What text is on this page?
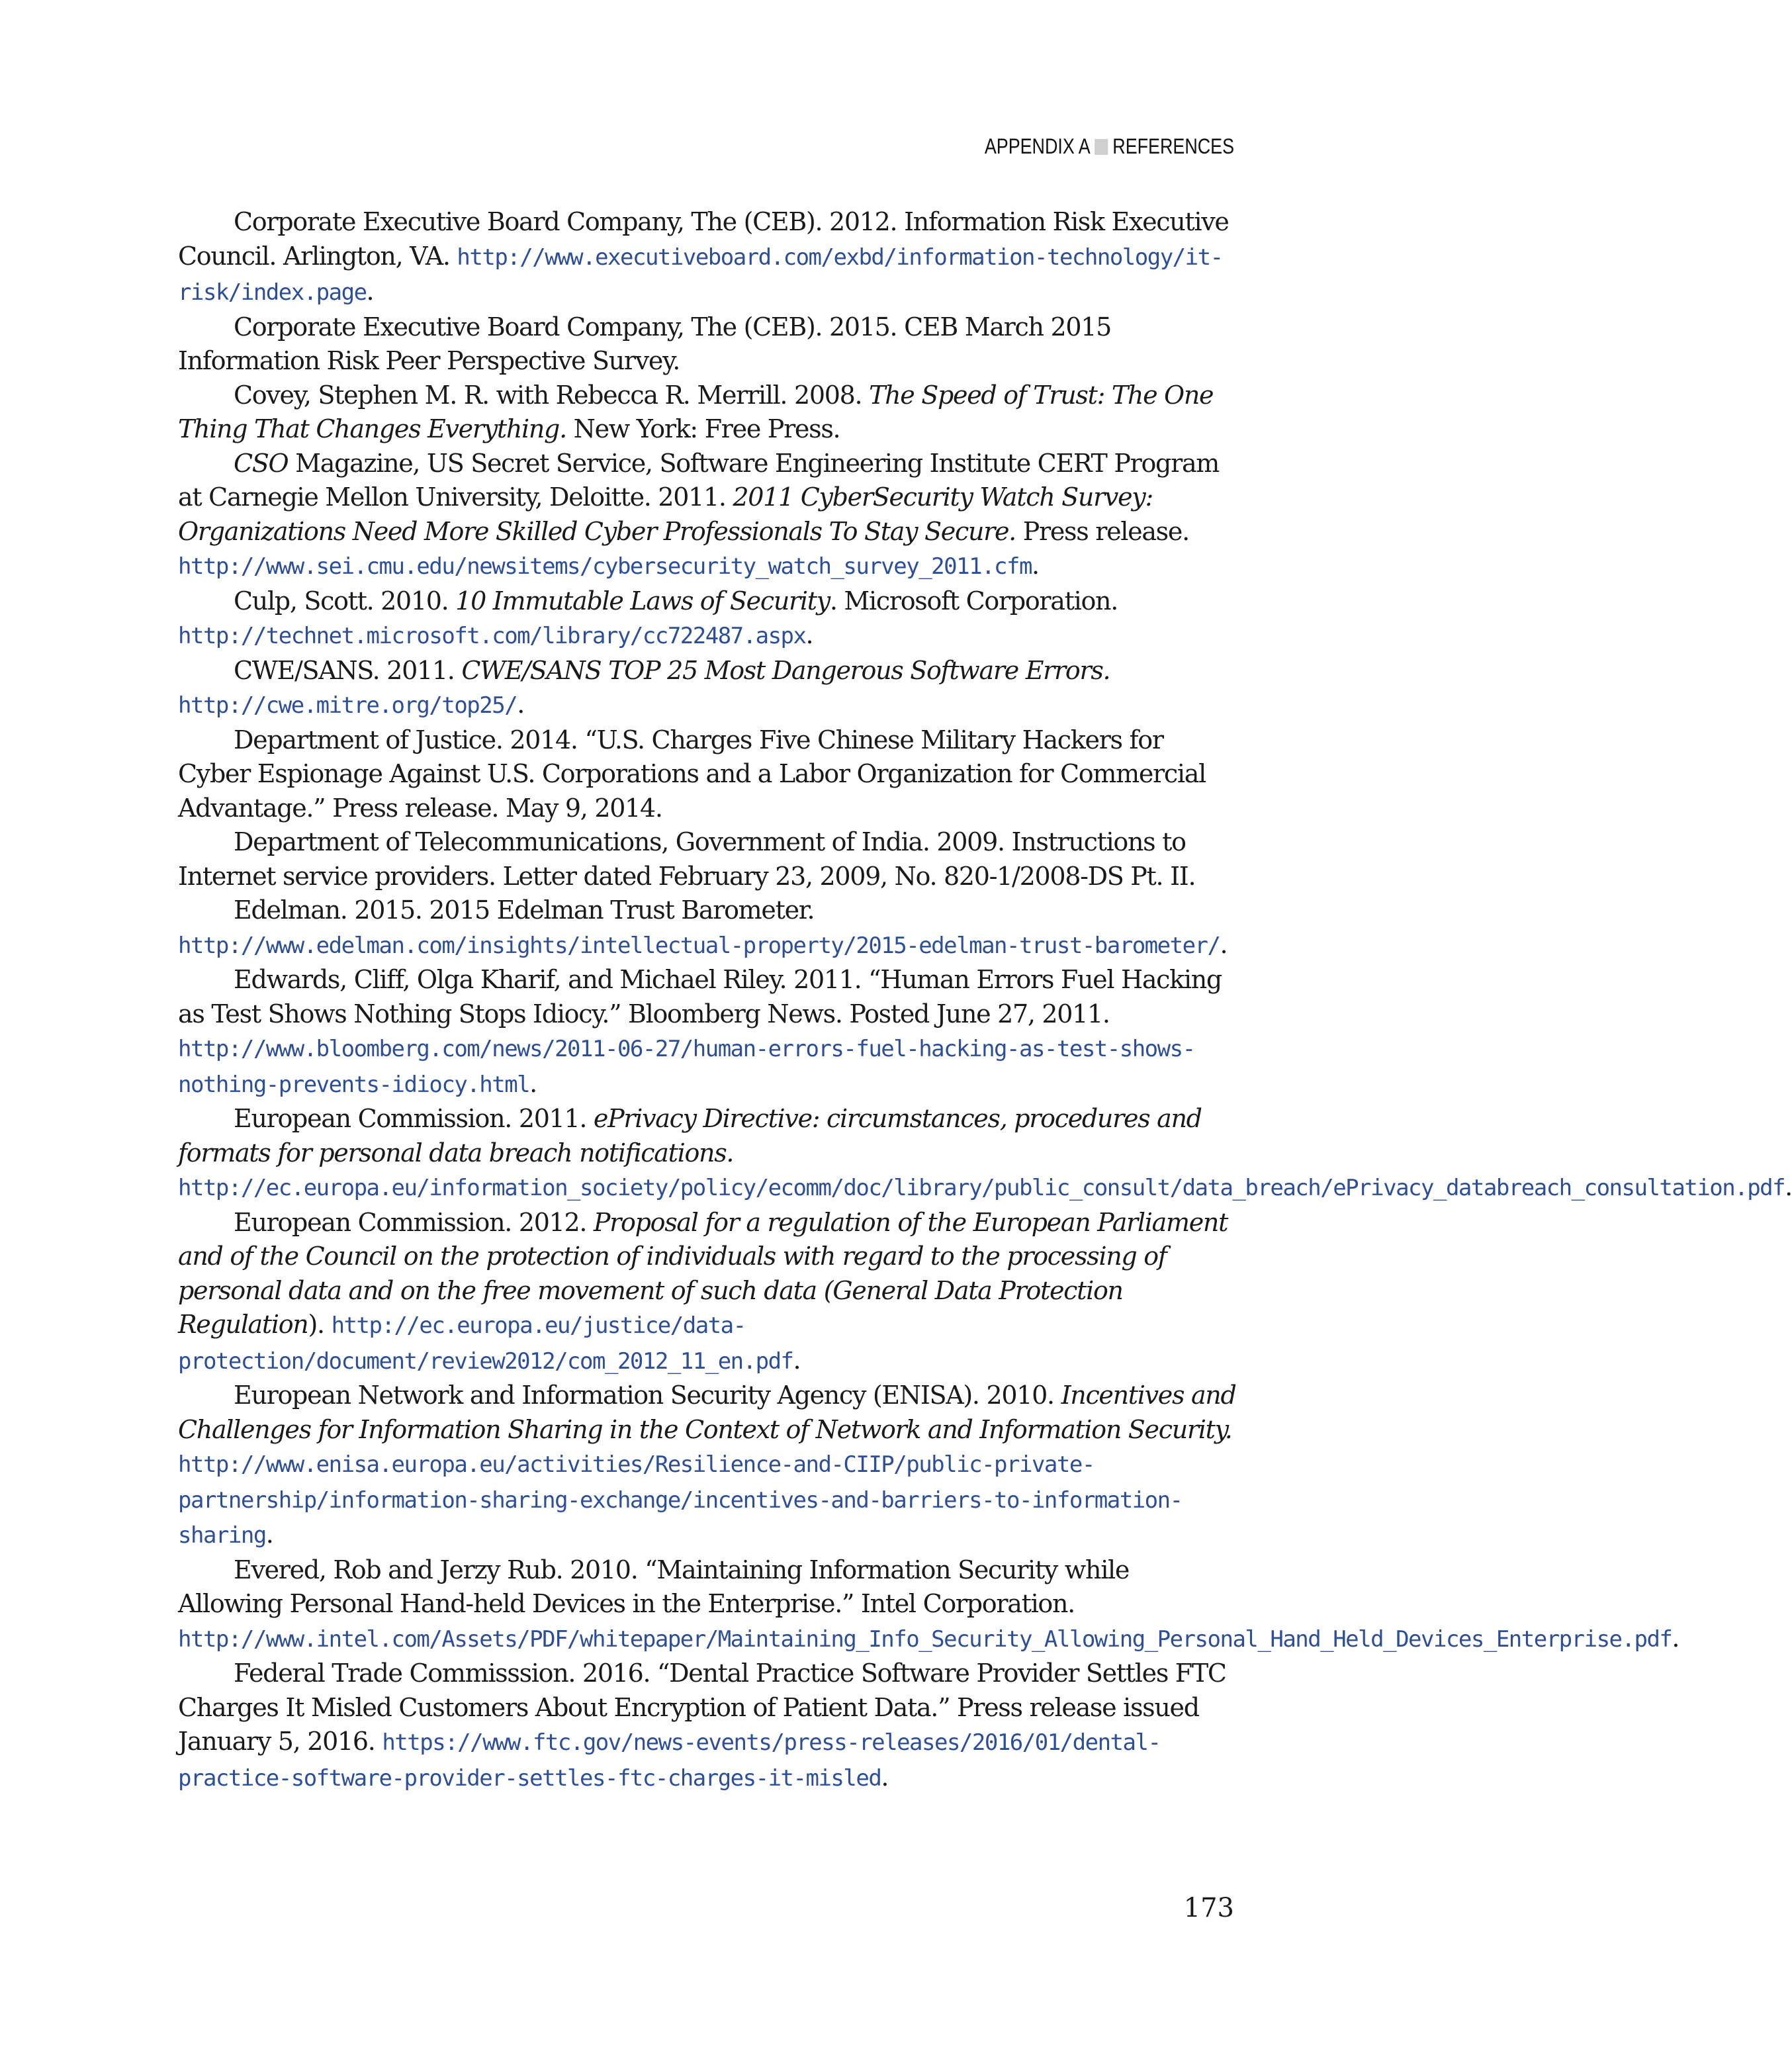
APPENDIX A REFERENCES

Corporate Executive Board Company, The (CEB). 2012. Information Risk Executive Council. Arlington, VA. http://www.executiveboard.com/exbd/information-technology/it-risk/index.page.

Corporate Executive Board Company, The (CEB). 2015. CEB March 2015 Information Risk Peer Perspective Survey.

Covey, Stephen M. R. with Rebecca R. Merrill. 2008. The Speed of Trust: The One Thing That Changes Everything. New York: Free Press.

CSO Magazine, US Secret Service, Software Engineering Institute CERT Program at Carnegie Mellon University, Deloitte. 2011. 2011 CyberSecurity Watch Survey: Organizations Need More Skilled Cyber Professionals To Stay Secure. Press release. http://www.sei.cmu.edu/newsitems/cybersecurity_watch_survey_2011.cfm.

Culp, Scott. 2010. 10 Immutable Laws of Security. Microsoft Corporation. http://technet.microsoft.com/library/cc722487.aspx.

CWE/SANS. 2011. CWE/SANS TOP 25 Most Dangerous Software Errors. http://cwe.mitre.org/top25/.

Department of Justice. 2014. “U.S. Charges Five Chinese Military Hackers for Cyber Espionage Against U.S. Corporations and a Labor Organization for Commercial Advantage.” Press release. May 9, 2014.

Department of Telecommunications, Government of India. 2009. Instructions to Internet service providers. Letter dated February 23, 2009, No. 820-1/2008-DS Pt. II.

Edelman. 2015. 2015 Edelman Trust Barometer. http://www.edelman.com/insights/intellectual-property/2015-edelman-trust-barometer/.

Edwards, Cliff, Olga Kharif, and Michael Riley. 2011. “Human Errors Fuel Hacking as Test Shows Nothing Stops Idiocy.” Bloomberg News. Posted June 27, 2011. http://www.bloomberg.com/news/2011-06-27/human-errors-fuel-hacking-as-test-shows-nothing-prevents-idiocy.html.

European Commission. 2011. ePrivacy Directive: circumstances, procedures and formats for personal data breach notifications. http://ec.europa.eu/information_society/policy/ecomm/doc/library/public_consult/data_breach/ePrivacy_databreach_consultation.pdf.

European Commission. 2012. Proposal for a regulation of the European Parliament and of the Council on the protection of individuals with regard to the processing of personal data and on the free movement of such data (General Data Protection Regulation). http://ec.europa.eu/justice/data-protection/document/review2012/com_2012_11_en.pdf.

European Network and Information Security Agency (ENISA). 2010. Incentives and Challenges for Information Sharing in the Context of Network and Information Security. http://www.enisa.europa.eu/activities/Resilience-and-CIIP/public-private-partnership/information-sharing-exchange/incentives-and-barriers-to-information-sharing.

Evered, Rob and Jerzy Rub. 2010. “Maintaining Information Security while Allowing Personal Hand-held Devices in the Enterprise.” Intel Corporation. http://www.intel.com/Assets/PDF/whitepaper/Maintaining_Info_Security_Allowing_Personal_Hand_Held_Devices_Enterprise.pdf.

Federal Trade Commisssion. 2016. “Dental Practice Software Provider Settles FTC Charges It Misled Customers About Encryption of Patient Data.” Press release issued January 5, 2016. https://www.ftc.gov/news-events/press-releases/2016/01/dental-practice-software-provider-settles-ftc-charges-it-misled.

173
